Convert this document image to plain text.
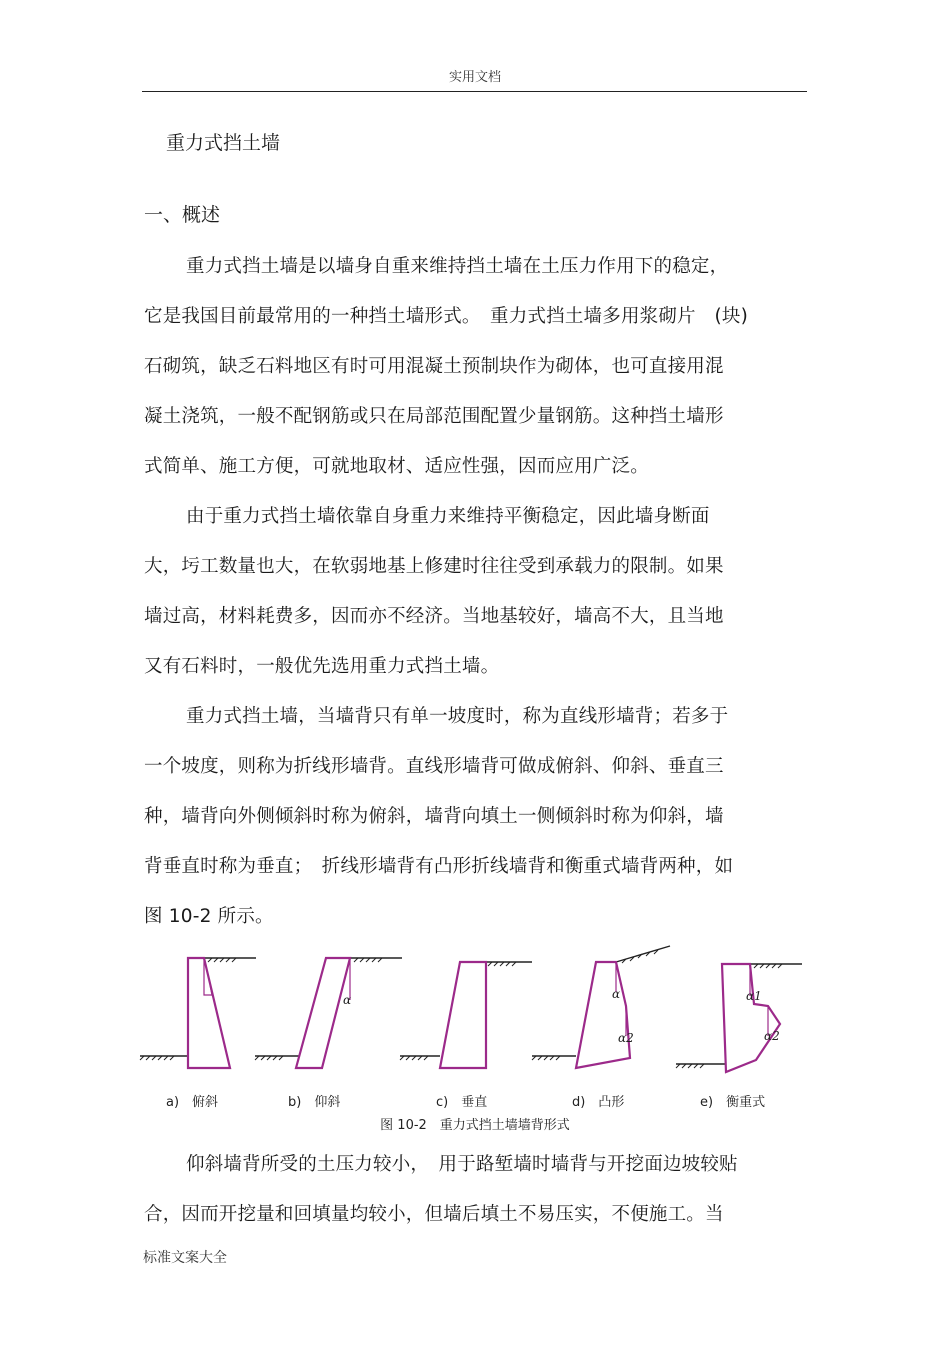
实用文档
重力式挡土墙
一、概述
重力式挡土墙是以墙身自重来维持挡土墙在土压力作用下的稳定，
它是我国目前最常用的一种挡土墙形式。　重力式挡土墙多用浆砌片　(块)
石砌筑，缺乏石料地区有时可用混凝土预制块作为砌体，也可直接用混
凝土浇筑，一般不配钢筋或只在局部范围配置少量钢筋。这种挡土墙形
式简单、施工方便，可就地取材、适应性强，因而应用广泛。
由于重力式挡土墙依靠自身重力来维持平衡稳定，因此墙身断面
大，圬工数量也大，在软弱地基上修建时往往受到承载力的限制。如果
墙过高，材料耗费多，因而亦不经济。当地基较好，墙高不大，且当地
又有石料时，一般优先选用重力式挡土墙。
重力式挡土墙，当墙背只有单一坡度时，称为直线形墙背；若多于
一个坡度，则称为折线形墙背。直线形墙背可做成俯斜、仰斜、垂直三
种，墙背向外侧倾斜时称为俯斜，墙背向填土一侧倾斜时称为仰斜，墙
背垂直时称为垂直；　折线形墙背有凸形折线墙背和衡重式墙背两种，如
图 10-2 所示。
α	α
α2
α1
α2
a)　俯斜	b)　仰斜	c)　垂直	d)　凸形	e)　衡重式
图 10-2　重力式挡土墙墙背形式
仰斜墙背所受的土压力较小，　用于路堑墙时墙背与开挖面边坡较贴
合，因而开挖量和回填量均较小，但墙后填土不易压实，不便施工。当
标准文案大全
